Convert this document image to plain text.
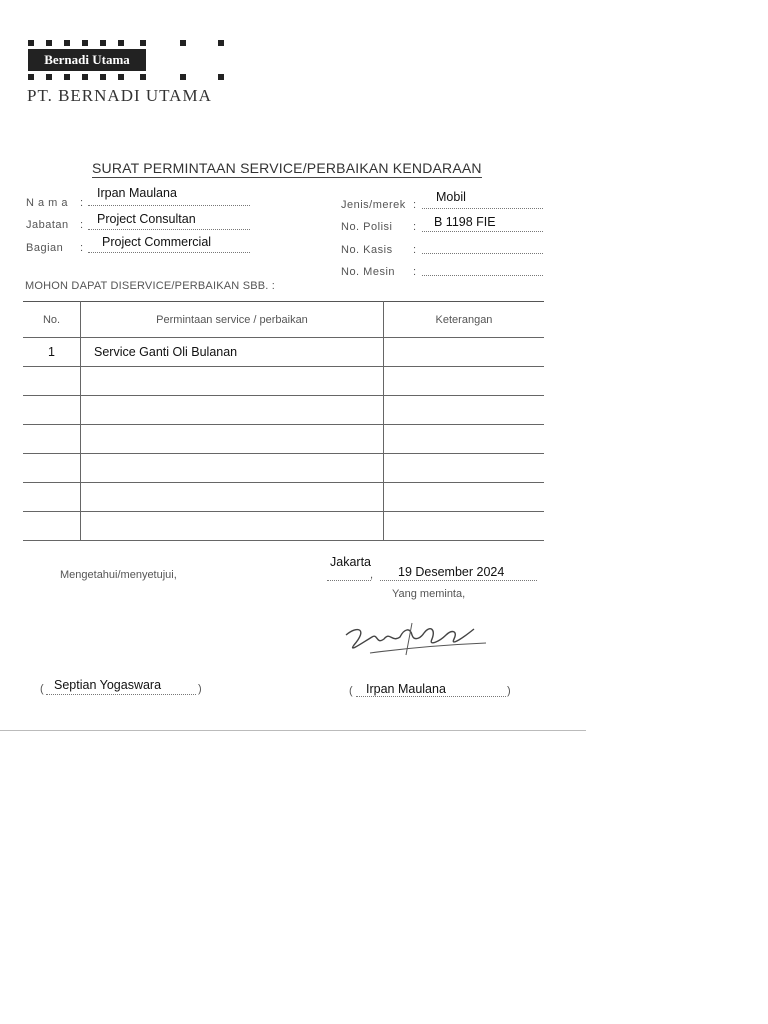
Bernadi Utama
PT. BERNADI UTAMA
SURAT PERMINTAAN SERVICE/PERBAIKAN KENDARAAN
N a m a :
Irpan Maulana
Jabatan : Project Consultan
Bagian : Project Commercial
Jenis/merek :
Mobil
No. Polisi : B 1198 FIE
No. Kasis :
No. Mesin :
MOHON DAPAT DISERVICE/PERBAIKAN SBB. :
No.	Permintaan service / perbaikan	Keterangan
1	Service Ganti Oli Bulanan	

Mengetahui/menyetujui,
Jakarta
, 19 Desember 2024
Yang meminta,
( Septian Yogaswara	)	( Irpan Maulana	)
